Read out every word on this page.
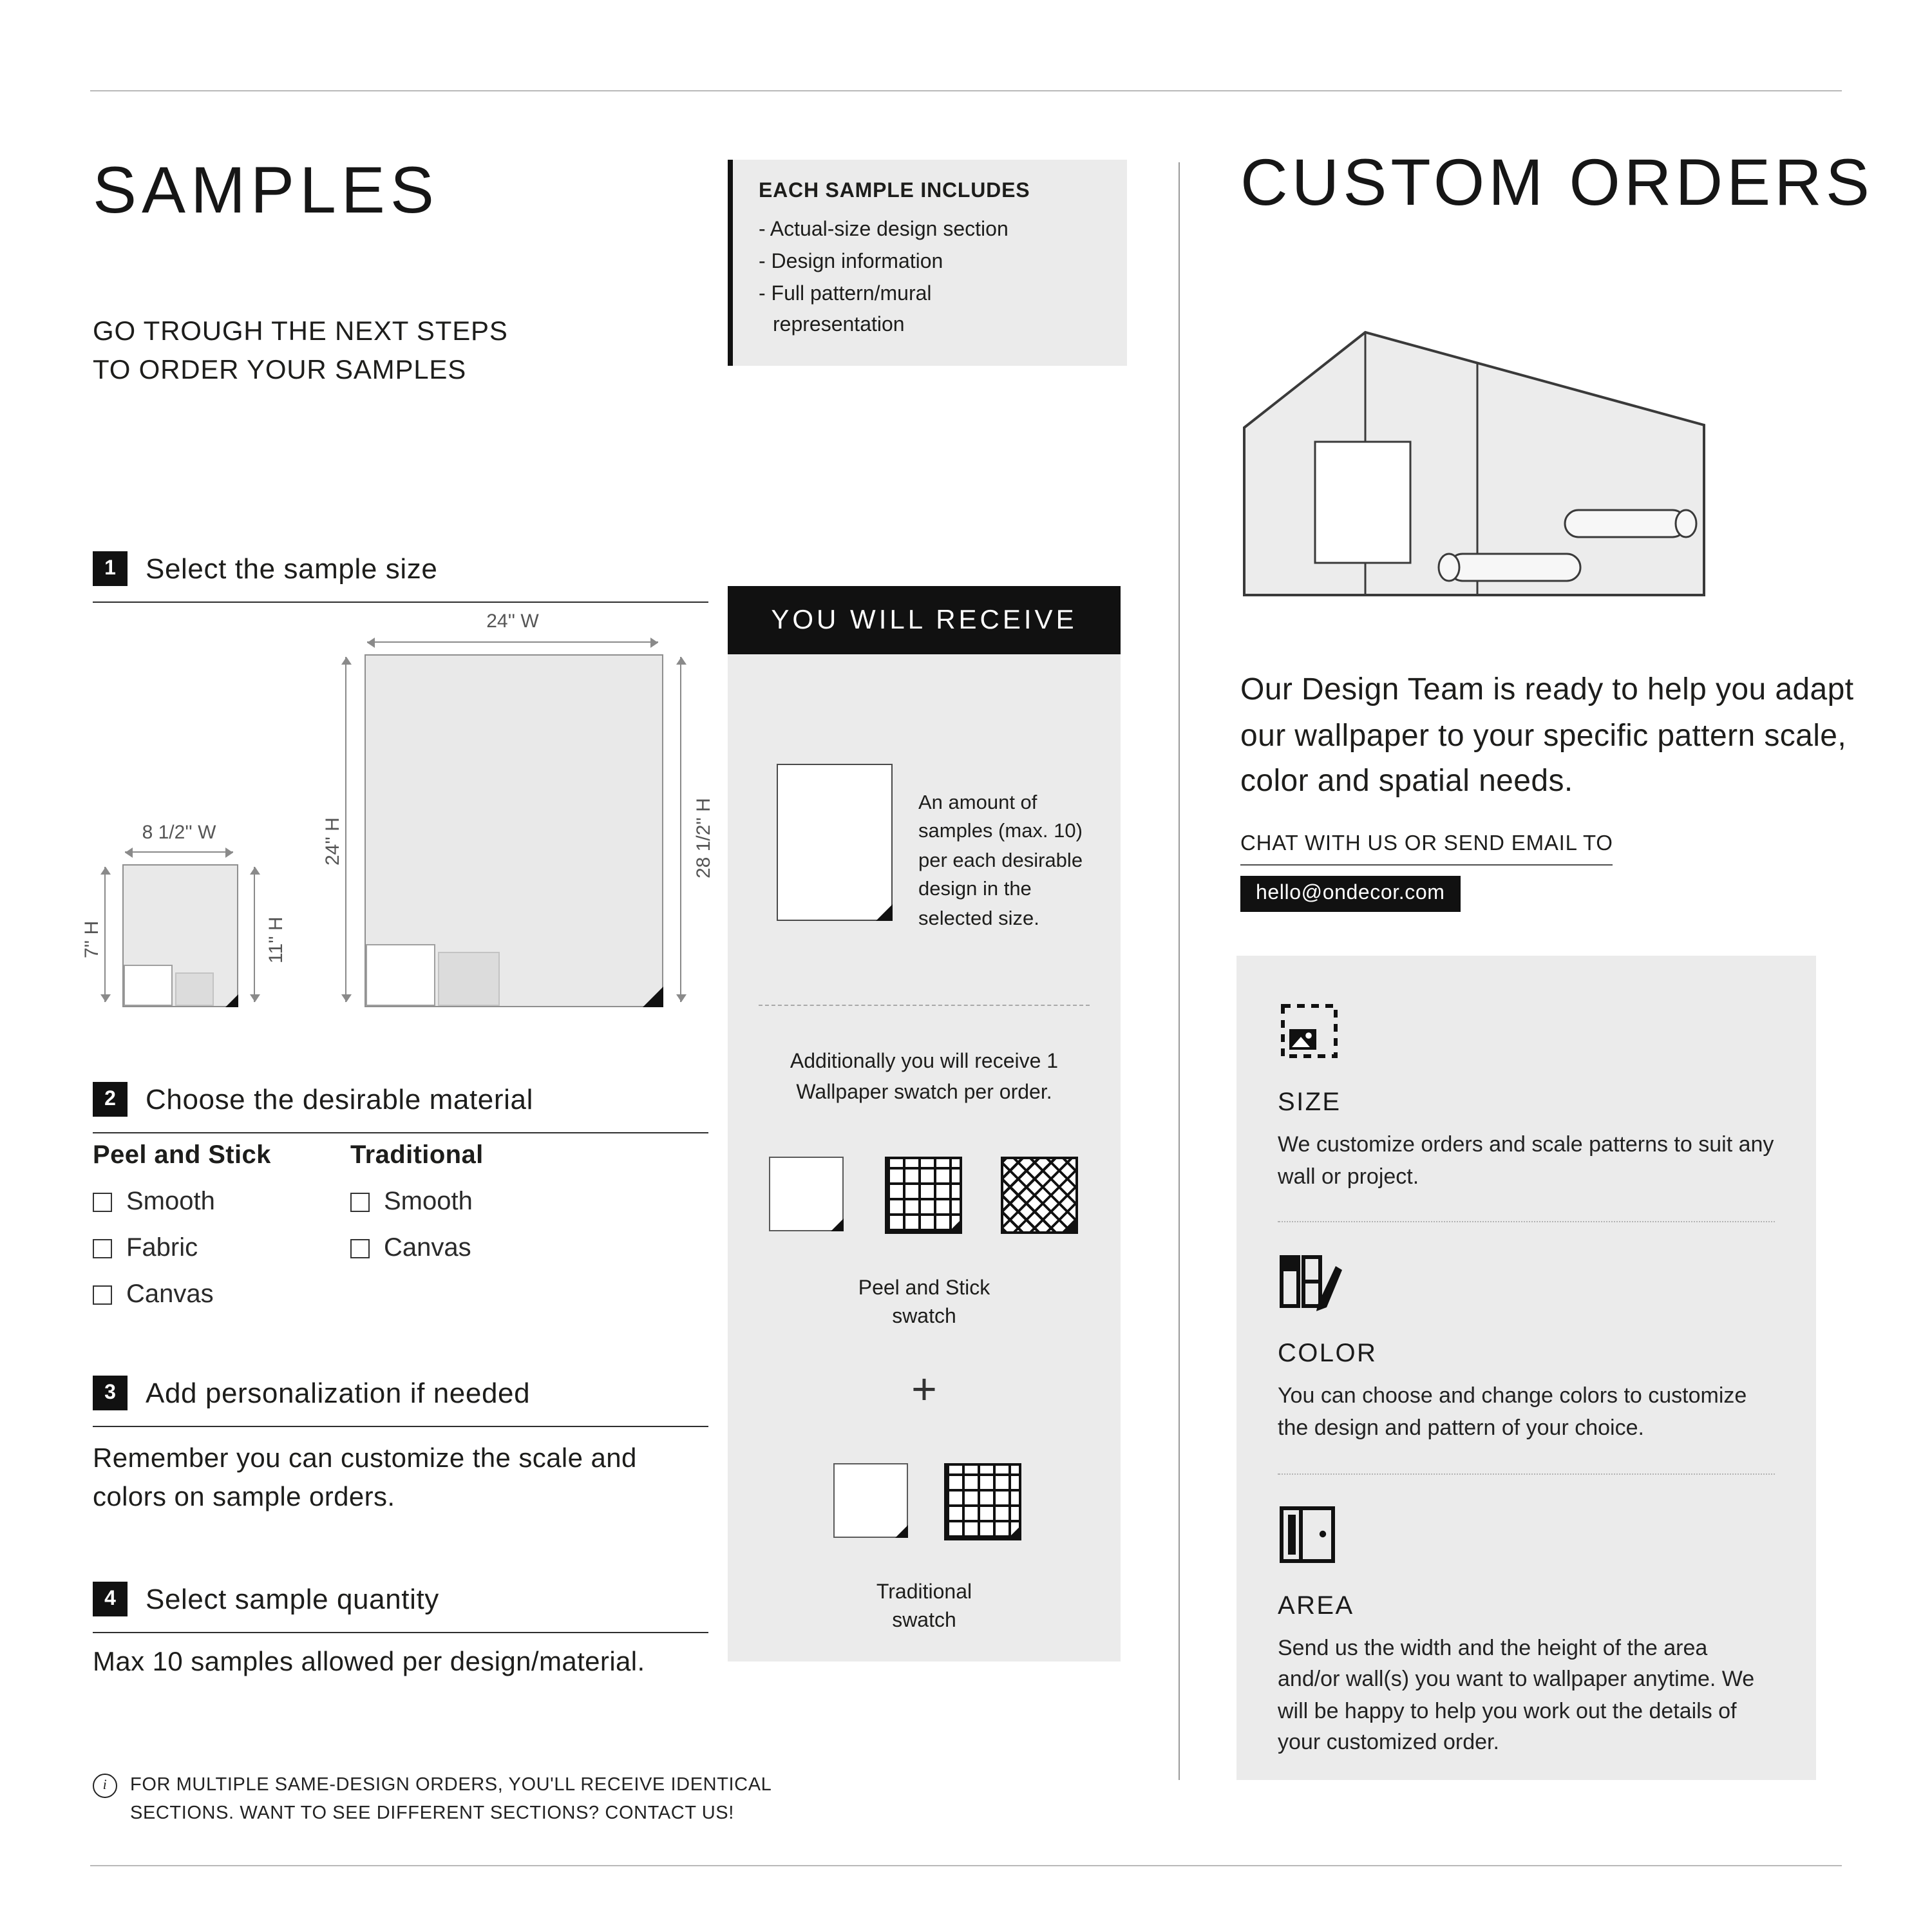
SAMPLES
GO TROUGH THE NEXT STEPS
TO ORDER YOUR SAMPLES
EACH SAMPLE INCLUDES
- Actual-size design section
- Design information
- Full pattern/mural representation
1	Select the sample size
24'' W
24'' H	28 1/2'' H
8 1/2'' W
7'' H	11'' H
2	Choose the desirable material
Peel and Stick
Smooth
Fabric
Canvas
Traditional
Smooth
Canvas
3	Add personalization if needed
Remember you can customize the scale and colors on sample orders.
4	Select sample quantity
Max 10 samples allowed per design/material.
i	FOR MULTIPLE SAME-DESIGN ORDERS, YOU'LL RECEIVE IDENTICAL
SECTIONS. WANT TO SEE DIFFERENT SECTIONS? CONTACT US!
YOU WILL RECEIVE
An amount of samples (max. 10) per each desirable design in the selected size.
Additionally you will receive 1 Wallpaper swatch per order.
Peel and Stick
swatch
+
Traditional
swatch
CUSTOM ORDERS
Our Design Team is ready to help you adapt our wallpaper to your specific pattern scale, color and spatial needs.
CHAT WITH US OR SEND EMAIL TO
hello@ondecor.com
SIZE
We customize orders and scale patterns to suit any wall or project.
COLOR
You can choose and change colors to customize the design and pattern of your choice.
AREA
Send us the width and the height of the area and/or wall(s) you want to wallpaper anytime. We will be happy to help you work out the details of your customized order.
